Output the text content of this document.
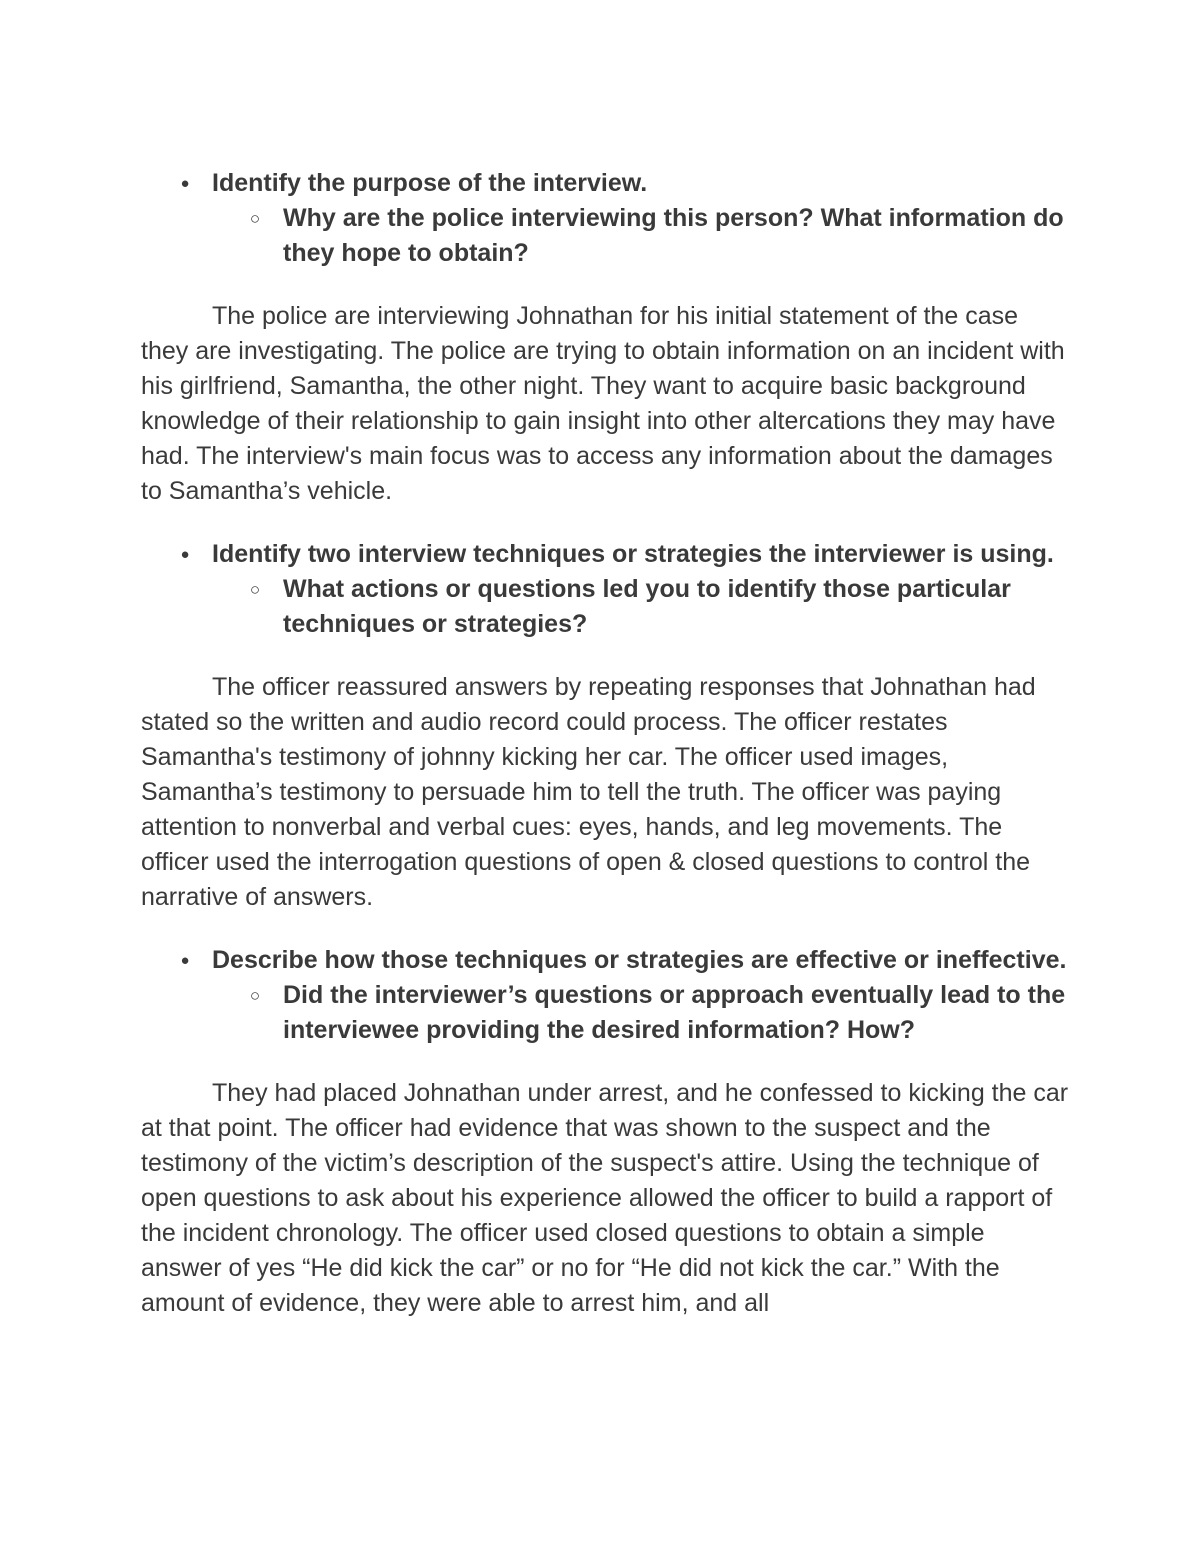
● Identify the purpose of the interview.
○ Why are the police interviewing this person? What information do they hope to obtain?

The police are interviewing Johnathan for his initial statement of the case they are investigating. The police are trying to obtain information on an incident with his girlfriend, Samantha, the other night. They want to acquire basic background knowledge of their relationship to gain insight into other altercations they may have had. The interview's main focus was to access any information about the damages to Samantha’s vehicle.

● Identify two interview techniques or strategies the interviewer is using.
○ What actions or questions led you to identify those particular techniques or strategies?

The officer reassured answers by repeating responses that Johnathan had stated so the written and audio record could process. The officer restates Samantha's testimony of johnny kicking her car. The officer used images, Samantha’s testimony to persuade him to tell the truth. The officer was paying attention to nonverbal and verbal cues: eyes, hands, and leg movements. The officer used the interrogation questions of open & closed questions to control the narrative of answers.

● Describe how those techniques or strategies are effective or ineffective.
○ Did the interviewer’s questions or approach eventually lead to the interviewee providing the desired information? How?

They had placed Johnathan under arrest, and he confessed to kicking the car at that point. The officer had evidence that was shown to the suspect and the testimony of the victim’s description of the suspect's attire. Using the technique of open questions to ask about his experience allowed the officer to build a rapport of the incident chronology. The officer used closed questions to obtain a simple answer of yes “He did kick the car” or no for “He did not kick the car.” With the amount of evidence, they were able to arrest him, and all
